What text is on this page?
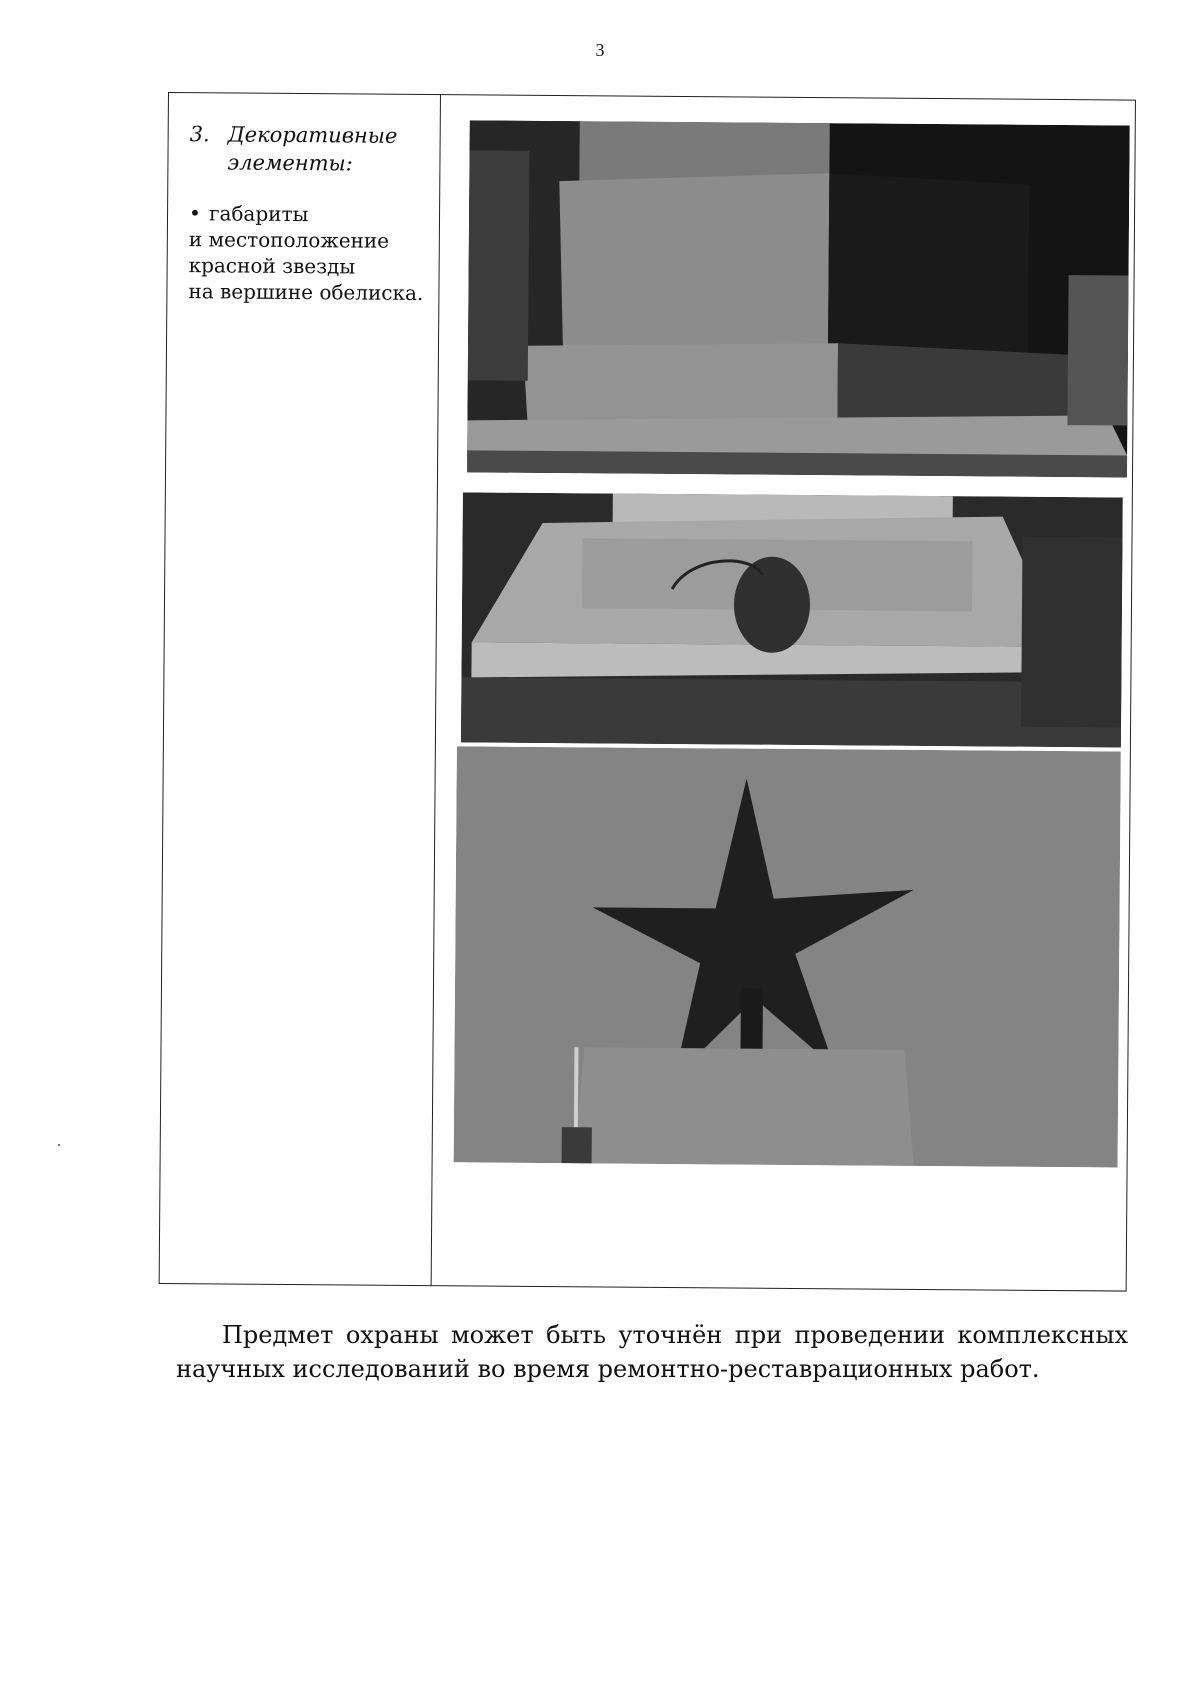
3
3. Декоративные
элементы:
• габариты
и местоположение
красной звезды
на вершине обелиска.

Предмет охраны может быть уточнён при проведении комплексных научных исследований во время ремонтно-реставрационных работ.
